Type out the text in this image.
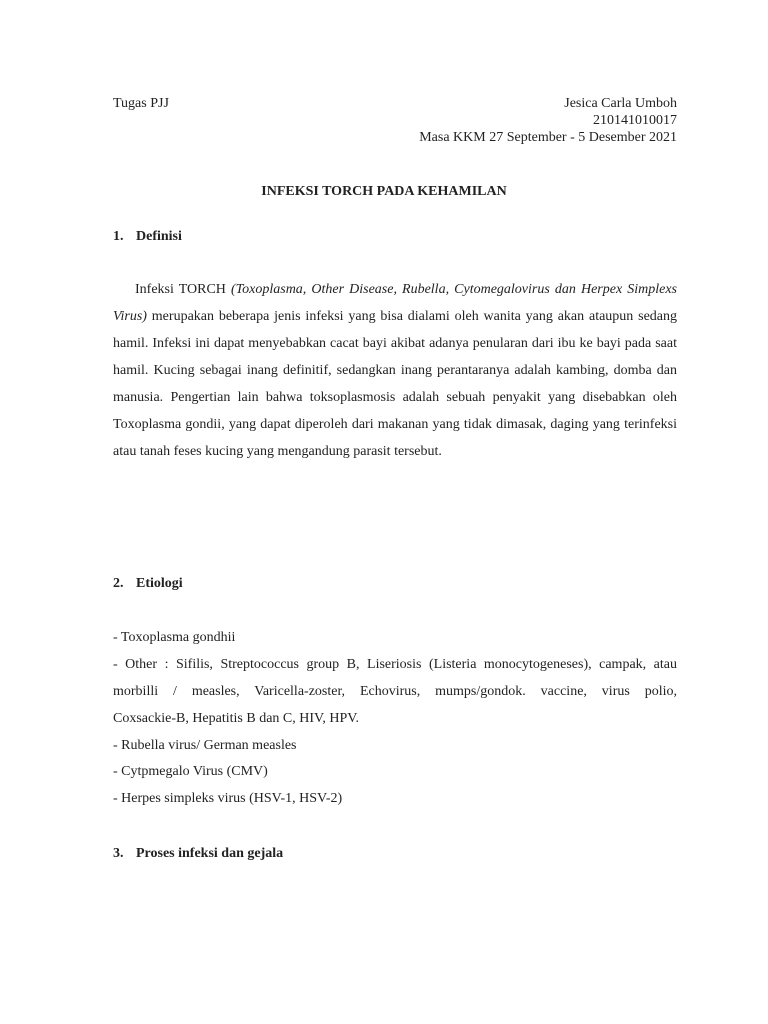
Tugas PJJ	Jesica Carla Umboh
210141010017
Masa KKM 27 September - 5 Desember 2021
INFEKSI TORCH PADA KEHAMILAN
1. Definisi

Infeksi TORCH (Toxoplasma, Other Disease, Rubella, Cytomegalovirus dan Herpex Simplexs Virus) merupakan beberapa jenis infeksi yang bisa dialami oleh wanita yang akan ataupun sedang hamil. Infeksi ini dapat menyebabkan cacat bayi akibat adanya penularan dari ibu ke bayi pada saat hamil. Kucing sebagai inang definitif, sedangkan inang perantaranya adalah kambing, domba dan manusia. Pengertian lain bahwa toksoplasmosis adalah sebuah penyakit yang disebabkan oleh Toxoplasma gondii, yang dapat diperoleh dari makanan yang tidak dimasak, daging yang terinfeksi atau tanah feses kucing yang mengandung parasit tersebut.

2. Etiologi
- Toxoplasma gondhii
- Other : Sifilis, Streptococcus group B, Liseriosis (Listeria monocytogeneses), campak, atau
morbilli / measles, Varicella-zoster, Echovirus, mumps/gondok. vaccine, virus polio,
Coxsackie-B, Hepatitis B dan C, HIV, HPV.
- Rubella virus/ German measles
- Cytpmegalo Virus (CMV)
- Herpes simpleks virus (HSV-1, HSV-2)
3. Proses infeksi dan gejala
